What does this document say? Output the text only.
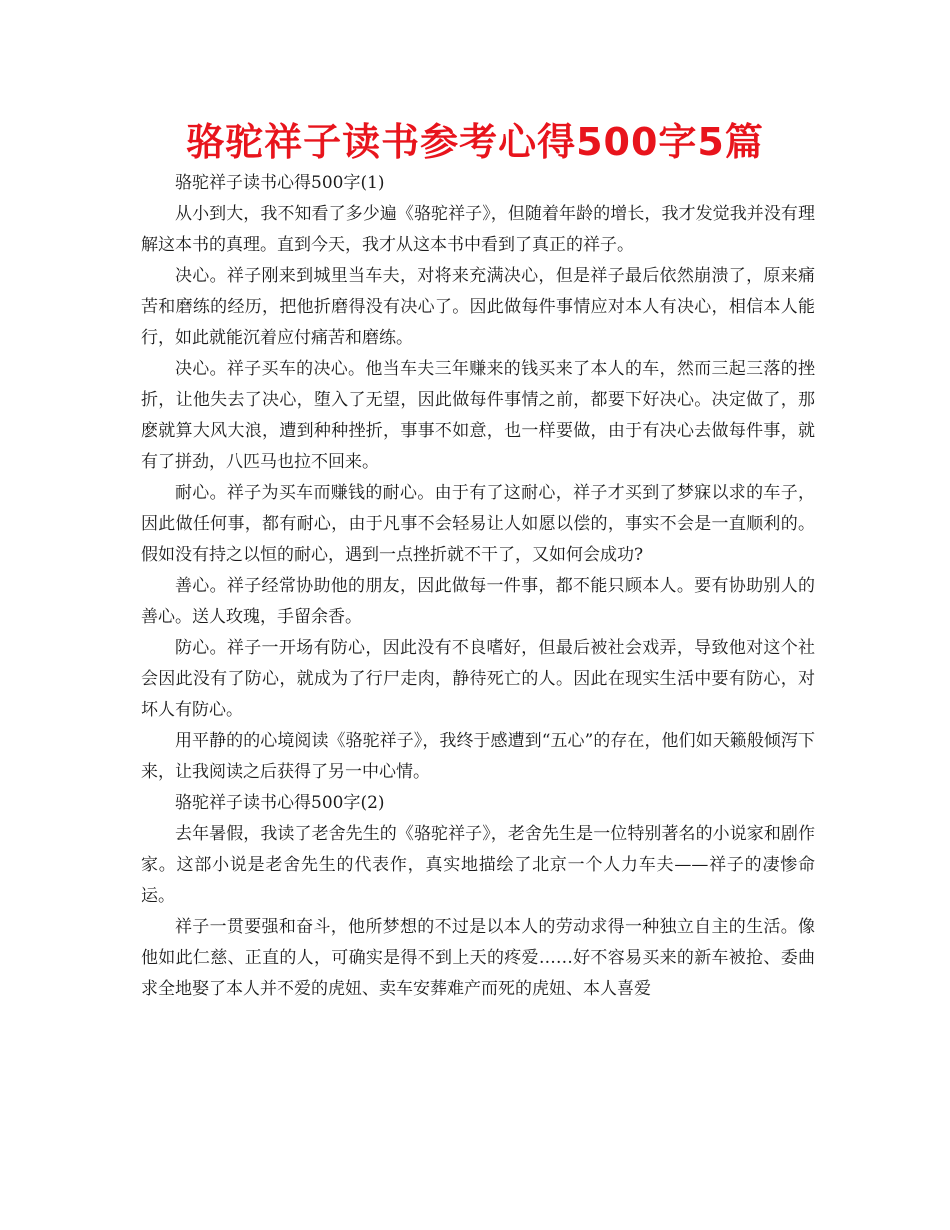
骆驼祥子读书参考心得500字5篇

骆驼祥子读书心得500字(1)

从小到大，我不知看了多少遍《骆驼祥子》，但随着年龄的增长，我才发觉我并没有理解这本书的真理。直到今天，我才从这本书中看到了真正的祥子。

决心。祥子刚来到城里当车夫，对将来充满决心，但是祥子最后依然崩溃了，原来痛苦和磨练的经历，把他折磨得没有决心了。因此做每件事情应对本人有决心，相信本人能行，如此就能沉着应付痛苦和磨练。

决心。祥子买车的决心。他当车夫三年赚来的钱买来了本人的车，然而三起三落的挫折，让他失去了决心，堕入了无望，因此做每件事情之前，都要下好决心。决定做了，那麽就算大风大浪，遭到种种挫折，事事不如意，也一样要做，由于有决心去做每件事，就有了拼劲，八匹马也拉不回来。

耐心。祥子为买车而赚钱的耐心。由于有了这耐心，祥子才买到了梦寐以求的车子，因此做任何事，都有耐心，由于凡事不会轻易让人如愿以偿的，事实不会是一直顺利的。假如没有持之以恒的耐心，遇到一点挫折就不干了，又如何会成功?

善心。祥子经常协助他的朋友，因此做每一件事，都不能只顾本人。要有协助别人的善心。送人玫瑰，手留余香。

防心。祥子一开场有防心，因此没有不良嗜好，但最后被社会戏弄，导致他对这个社会因此没有了防心，就成为了行尸走肉，静待死亡的人。因此在现实生活中要有防心，对坏人有防心。

用平静的的心境阅读《骆驼祥子》，我终于感遭到“五心”的存在，他们如天籁般倾泻下来，让我阅读之后获得了另一中心情。

骆驼祥子读书心得500字(2)

去年暑假，我读了老舍先生的《骆驼祥子》，老舍先生是一位特别著名的小说家和剧作家。这部小说是老舍先生的代表作，真实地描绘了北京一个人力车夫——祥子的凄惨命运。

祥子一贯要强和奋斗，他所梦想的不过是以本人的劳动求得一种独立自主的生活。像他如此仁慈、正直的人，可确实是得不到上天的疼爱……好不容易买来的新车被抢、委曲求全地娶了本人并不爱的虎妞、卖车安葬难产而死的虎妞、本人喜爱
